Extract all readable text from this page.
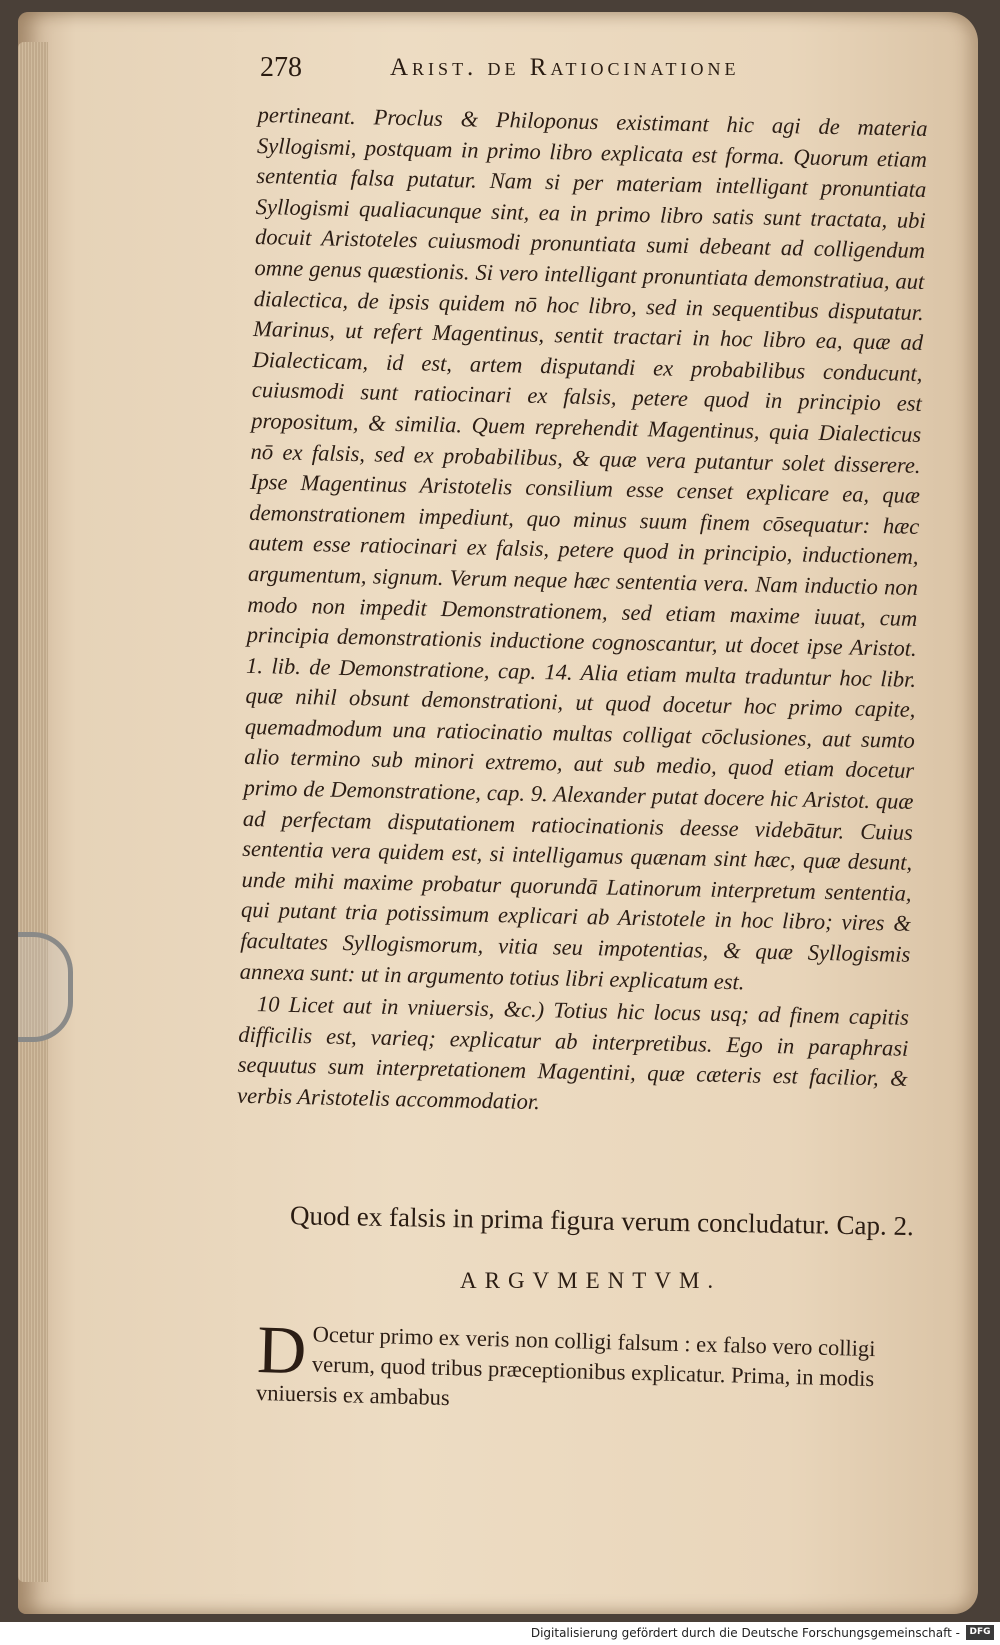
278	Arist. de Ratiocinatione

pertineant. Proclus & Philoponus existimant hic agi de materia Syllogismi, postquam in primo libro explicata est forma. Quorum etiam sententia falsa putatur. Nam si per materiam intelligant pronuntiata Syllogismi qualiacunque sint, ea in primo libro satis sunt tractata, ubi docuit Aristoteles cuiusmodi pronuntiata sumi debeant ad colligendum omne genus quæstionis. Si vero intelligant pronuntiata demonstratiua, aut dialectica, de ipsis quidem nō hoc libro, sed in sequentibus disputatur. Marinus, ut refert Magentinus, sentit tractari in hoc libro ea, quæ ad Dialecticam, id est, artem disputandi ex probabilibus conducunt, cuiusmodi sunt ratiocinari ex falsis, petere quod in principio est propositum, & similia. Quem reprehendit Magentinus, quia Dialecticus nō ex falsis, sed ex probabilibus, & quæ vera putantur solet disserere. Ipse Magentinus Aristotelis consilium esse censet explicare ea, quæ demonstrationem impediunt, quo minus suum finem cōsequatur: hæc autem esse ratiocinari ex falsis, petere quod in principio, inductionem, argumentum, signum. Verum neque hæc sententia vera. Nam inductio non modo non impedit Demonstrationem, sed etiam maxime iuuat, cum principia demonstrationis inductione cognoscantur, ut docet ipse Aristot. 1. lib. de Demonstratione, cap. 14. Alia etiam multa traduntur hoc libr. quæ nihil obsunt demonstrationi, ut quod docetur hoc primo capite, quemadmodum una ratiocinatio multas colligat cōclusiones, aut sumto alio termino sub minori extremo, aut sub medio, quod etiam docetur primo de Demonstratione, cap. 9. Alexander putat docere hic Aristot. quæ ad perfectam disputationem ratiocinationis deesse videbātur. Cuius sententia vera quidem est, si intelligamus quænam sint hæc, quæ desunt, unde mihi maxime probatur quorundā Latinorum interpretum sententia, qui putant tria potissimum explicari ab Aristotele in hoc libro; vires & facultates Syllogismorum, vitia seu impotentias, & quæ Syllogismis annexa sunt: ut in argumento totius libri explicatum est.

10 Licet aut in vniuersis, &c.) Totius hic locus usq; ad finem capitis difficilis est, varieq; explicatur ab interpretibus. Ego in paraphrasi sequutus sum interpretationem Magentini, quæ cæteris est facilior, & verbis Aristotelis accommodatior.

Quod ex falsis in prima figura verum concludatur. Cap. 2.
ARGVMENTVM.
D Ocetur primo ex veris non colligi falsum : ex falso vero colligi verum, quod tribus præceptionibus explicatur. Prima, in modis vniuersis ex ambabus
Digitalisierung gefördert durch die Deutsche Forschungsgemeinschaft -	DFG
